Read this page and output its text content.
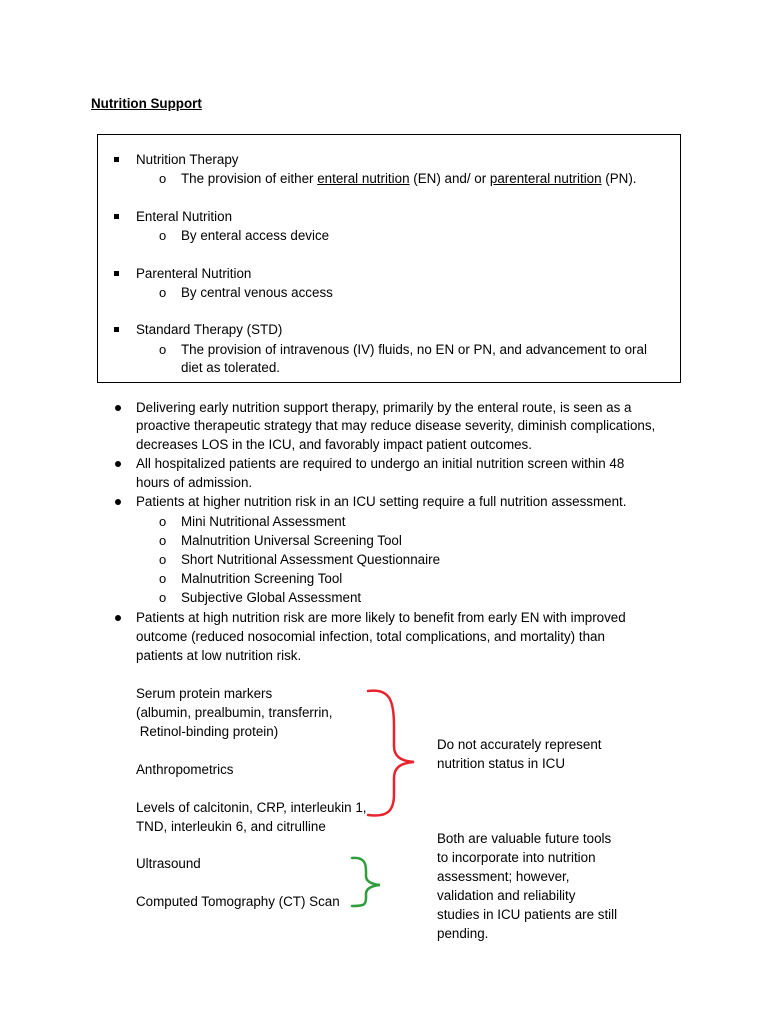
Nutrition Support
Nutrition Therapy
o The provision of either enteral nutrition (EN) and/ or parenteral nutrition (PN).
Enteral Nutrition
o By enteral access device
Parenteral Nutrition
o By central venous access
Standard Therapy (STD)
o The provision of intravenous (IV) fluids, no EN or PN, and advancement to oral
diet as tolerated.
Delivering early nutrition support therapy, primarily by the enteral route, is seen as a
proactive therapeutic strategy that may reduce disease severity, diminish complications,
decreases LOS in the ICU, and favorably impact patient outcomes.
All hospitalized patients are required to undergo an initial nutrition screen within 48
hours of admission.
Patients at higher nutrition risk in an ICU setting require a full nutrition assessment.
o Mini Nutritional Assessment
o Malnutrition Universal Screening Tool
o Short Nutritional Assessment Questionnaire
o Malnutrition Screening Tool
o Subjective Global Assessment
Patients at high nutrition risk are more likely to benefit from early EN with improved
outcome (reduced nosocomial infection, total complications, and mortality) than
patients at low nutrition risk.
Serum protein markers
(albumin, prealbumin, transferrin,
Retinol-binding protein)
Anthropometrics
Levels of calcitonin, CRP, interleukin 1,
TND, interleukin 6, and citrulline
Ultrasound
Computed Tomography (CT) Scan
Do not accurately represent
nutrition status in ICU
Both are valuable future tools
to incorporate into nutrition
assessment; however,
validation and reliability
studies in ICU patients are still
pending.
